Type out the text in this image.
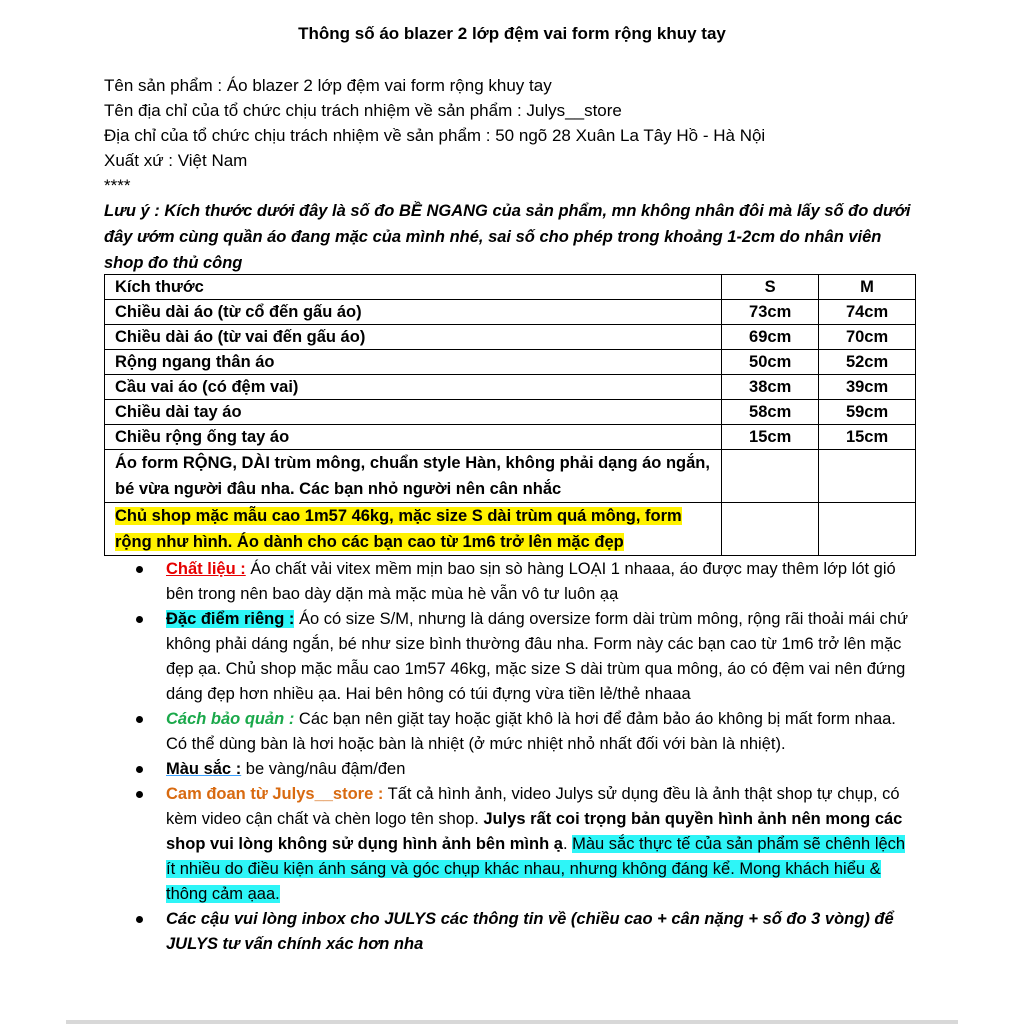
Thông số áo blazer 2 lớp đệm vai form rộng khuy tay
Tên sản phẩm : Áo blazer 2 lớp đệm vai form rộng khuy tay
Tên địa chỉ của tổ chức chịu trách nhiệm về sản phẩm : Julys__store
Địa chỉ của tổ chức chịu trách nhiệm về sản phẩm : 50 ngõ 28 Xuân La Tây Hồ - Hà Nội
Xuất xứ : Việt Nam
****
Lưu ý : Kích thước dưới đây là số đo BỀ NGANG của sản phẩm, mn không nhân đôi mà lấy số đo dưới đây ướm cùng quần áo đang mặc của mình nhé, sai số cho phép trong khoảng 1-2cm do nhân viên shop đo thủ công
Kích thước	S	M
Chiều dài áo (từ cổ đến gấu áo)	73cm	74cm
Chiều dài áo (từ vai đến gấu áo)	69cm	70cm
Rộng ngang thân áo	50cm	52cm
Cầu vai áo (có đệm vai)	38cm	39cm
Chiều dài tay áo	58cm	59cm
Chiều rộng ống tay áo	15cm	15cm
Áo form RỘNG, DÀI trùm mông, chuẩn style Hàn, không phải dạng áo ngắn, bé vừa người đâu nha. Các bạn nhỏ người nên cân nhắc		
Chủ shop mặc mẫu cao 1m57 46kg, mặc size S dài trùm quá mông, form rộng như hình. Áo dành cho các bạn cao từ 1m6 trở lên mặc đẹp		
Chất liệu : Áo chất vải vitex mềm mịn bao sịn sò hàng LOẠI 1 nhaaa, áo được may thêm lớp lót gió bên trong nên bao dày dặn mà mặc mùa hè vẫn vô tư luôn ạạ
Đặc điểm riêng : Áo có size S/M, nhưng là dáng oversize form dài trùm mông, rộng rãi thoải mái chứ không phải dáng ngắn, bé như size bình thường đâu nha. Form này các bạn cao từ 1m6 trở lên mặc đẹp ạa. Chủ shop mặc mẫu cao 1m57 46kg, mặc size S dài trùm qua mông, áo có đệm vai nên đứng dáng đẹp hơn nhiều ạa. Hai bên hông có túi đựng vừa tiền lẻ/thẻ nhaaa
Cách bảo quản : Các bạn nên giặt tay hoặc giặt khô là hơi để đảm bảo áo không bị mất form nhaa. Có thể dùng bàn là hơi hoặc bàn là nhiệt (ở mức nhiệt nhỏ nhất đối với bàn là nhiệt).
Màu sắc : be vàng/nâu đậm/đen
Cam đoan từ Julys__store : Tất cả hình ảnh, video Julys sử dụng đều là ảnh thật shop tự chụp, có kèm video cận chất và chèn logo tên shop. Julys rất coi trọng bản quyền hình ảnh nên mong các shop vui lòng không sử dụng hình ảnh bên mình ạ. Màu sắc thực tế của sản phẩm sẽ chênh lệch ít nhiều do điều kiện ánh sáng và góc chụp khác nhau, nhưng không đáng kể. Mong khách hiểu & thông cảm ạaa.
Các cậu vui lòng inbox cho JULYS các thông tin về (chiều cao + cân nặng + số đo 3 vòng) để JULYS tư vấn chính xác hơn nha
